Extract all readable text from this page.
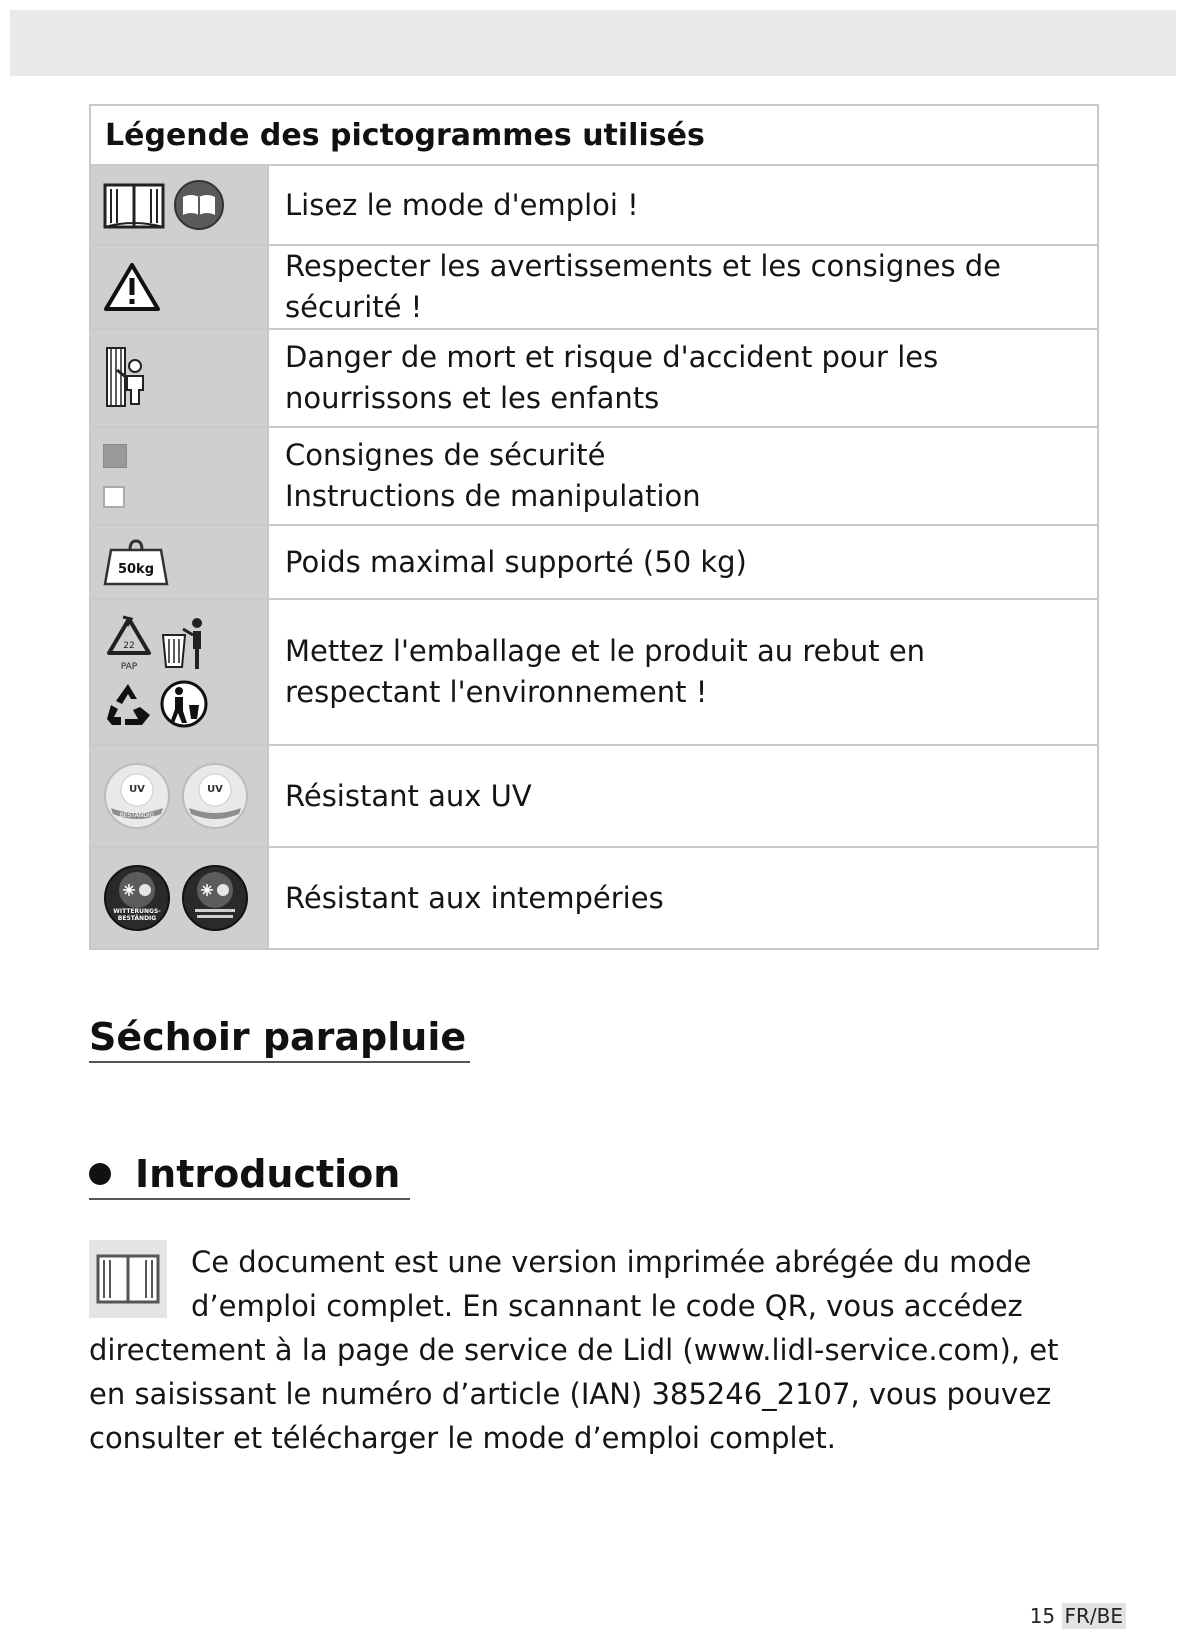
Légende des pictogrammes utilisés	

	Lisez le mode d'emploi !

	Respecter les avertissements et les consignes de sécurité !

	Danger de mort et risque d'accident pour les nourrissons et les enfants

	Consignes de sécurité
Instructions de manipulation

50kg	Poids maximal supporté (50 kg)

22
PAP	Mettez l'emballage et le produit au rebut en respectant l'environnement !

UV
BESTÄNDIG
UV	Résistant aux UV

WITTERUNGS-
BESTÄNDIG	Résistant aux intempéries
Séchoir parapluie
Introduction

Ce document est une version imprimée abrégée du mode d’emploi complet. En scannant le code QR, vous accédez directement à la page de service de Lidl (www.lidl-service.com), et en saisissant le numéro d’article (IAN) 385246_2107, vous pouvez consulter et télécharger le mode d’emploi complet.

15 FR/BE
